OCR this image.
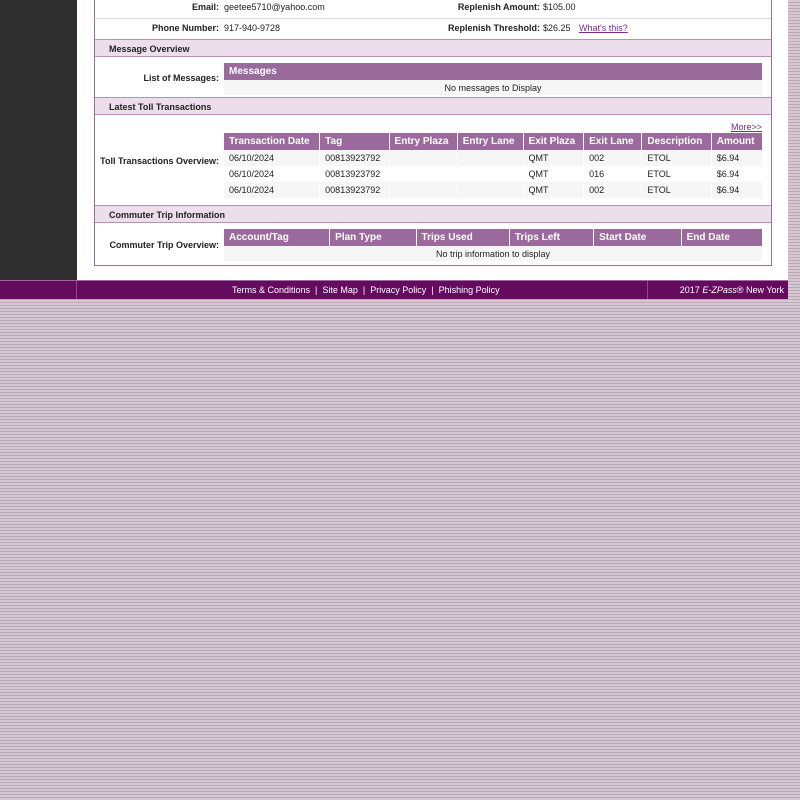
Email: geetee5710@yahoo.com	Replenish Amount: $105.00
Phone Number: 917-940-9728	Replenish Threshold: $26.25 What's this?
Message Overview
List of Messages:
Messages
No messages to Display
Latest Toll Transactions
More>>
Toll Transactions Overview:
Transaction Date	Tag	Entry Plaza	Entry Lane	Exit Plaza	Exit Lane	Description	Amount
06/10/2024	00813923792			QMT	002	ETOL	$6.94
06/10/2024	00813923792			QMT	016	ETOL	$6.94
06/10/2024	00813923792			QMT	002	ETOL	$6.94
Commuter Trip Information
Commuter Trip Overview:
Account/Tag	Plan Type	Trips Used	Trips Left	Start Date	End Date
No trip information to display
Terms & Conditions | Site Map | Privacy Policy | Phishing Policy	2017 E-ZPass® New York
